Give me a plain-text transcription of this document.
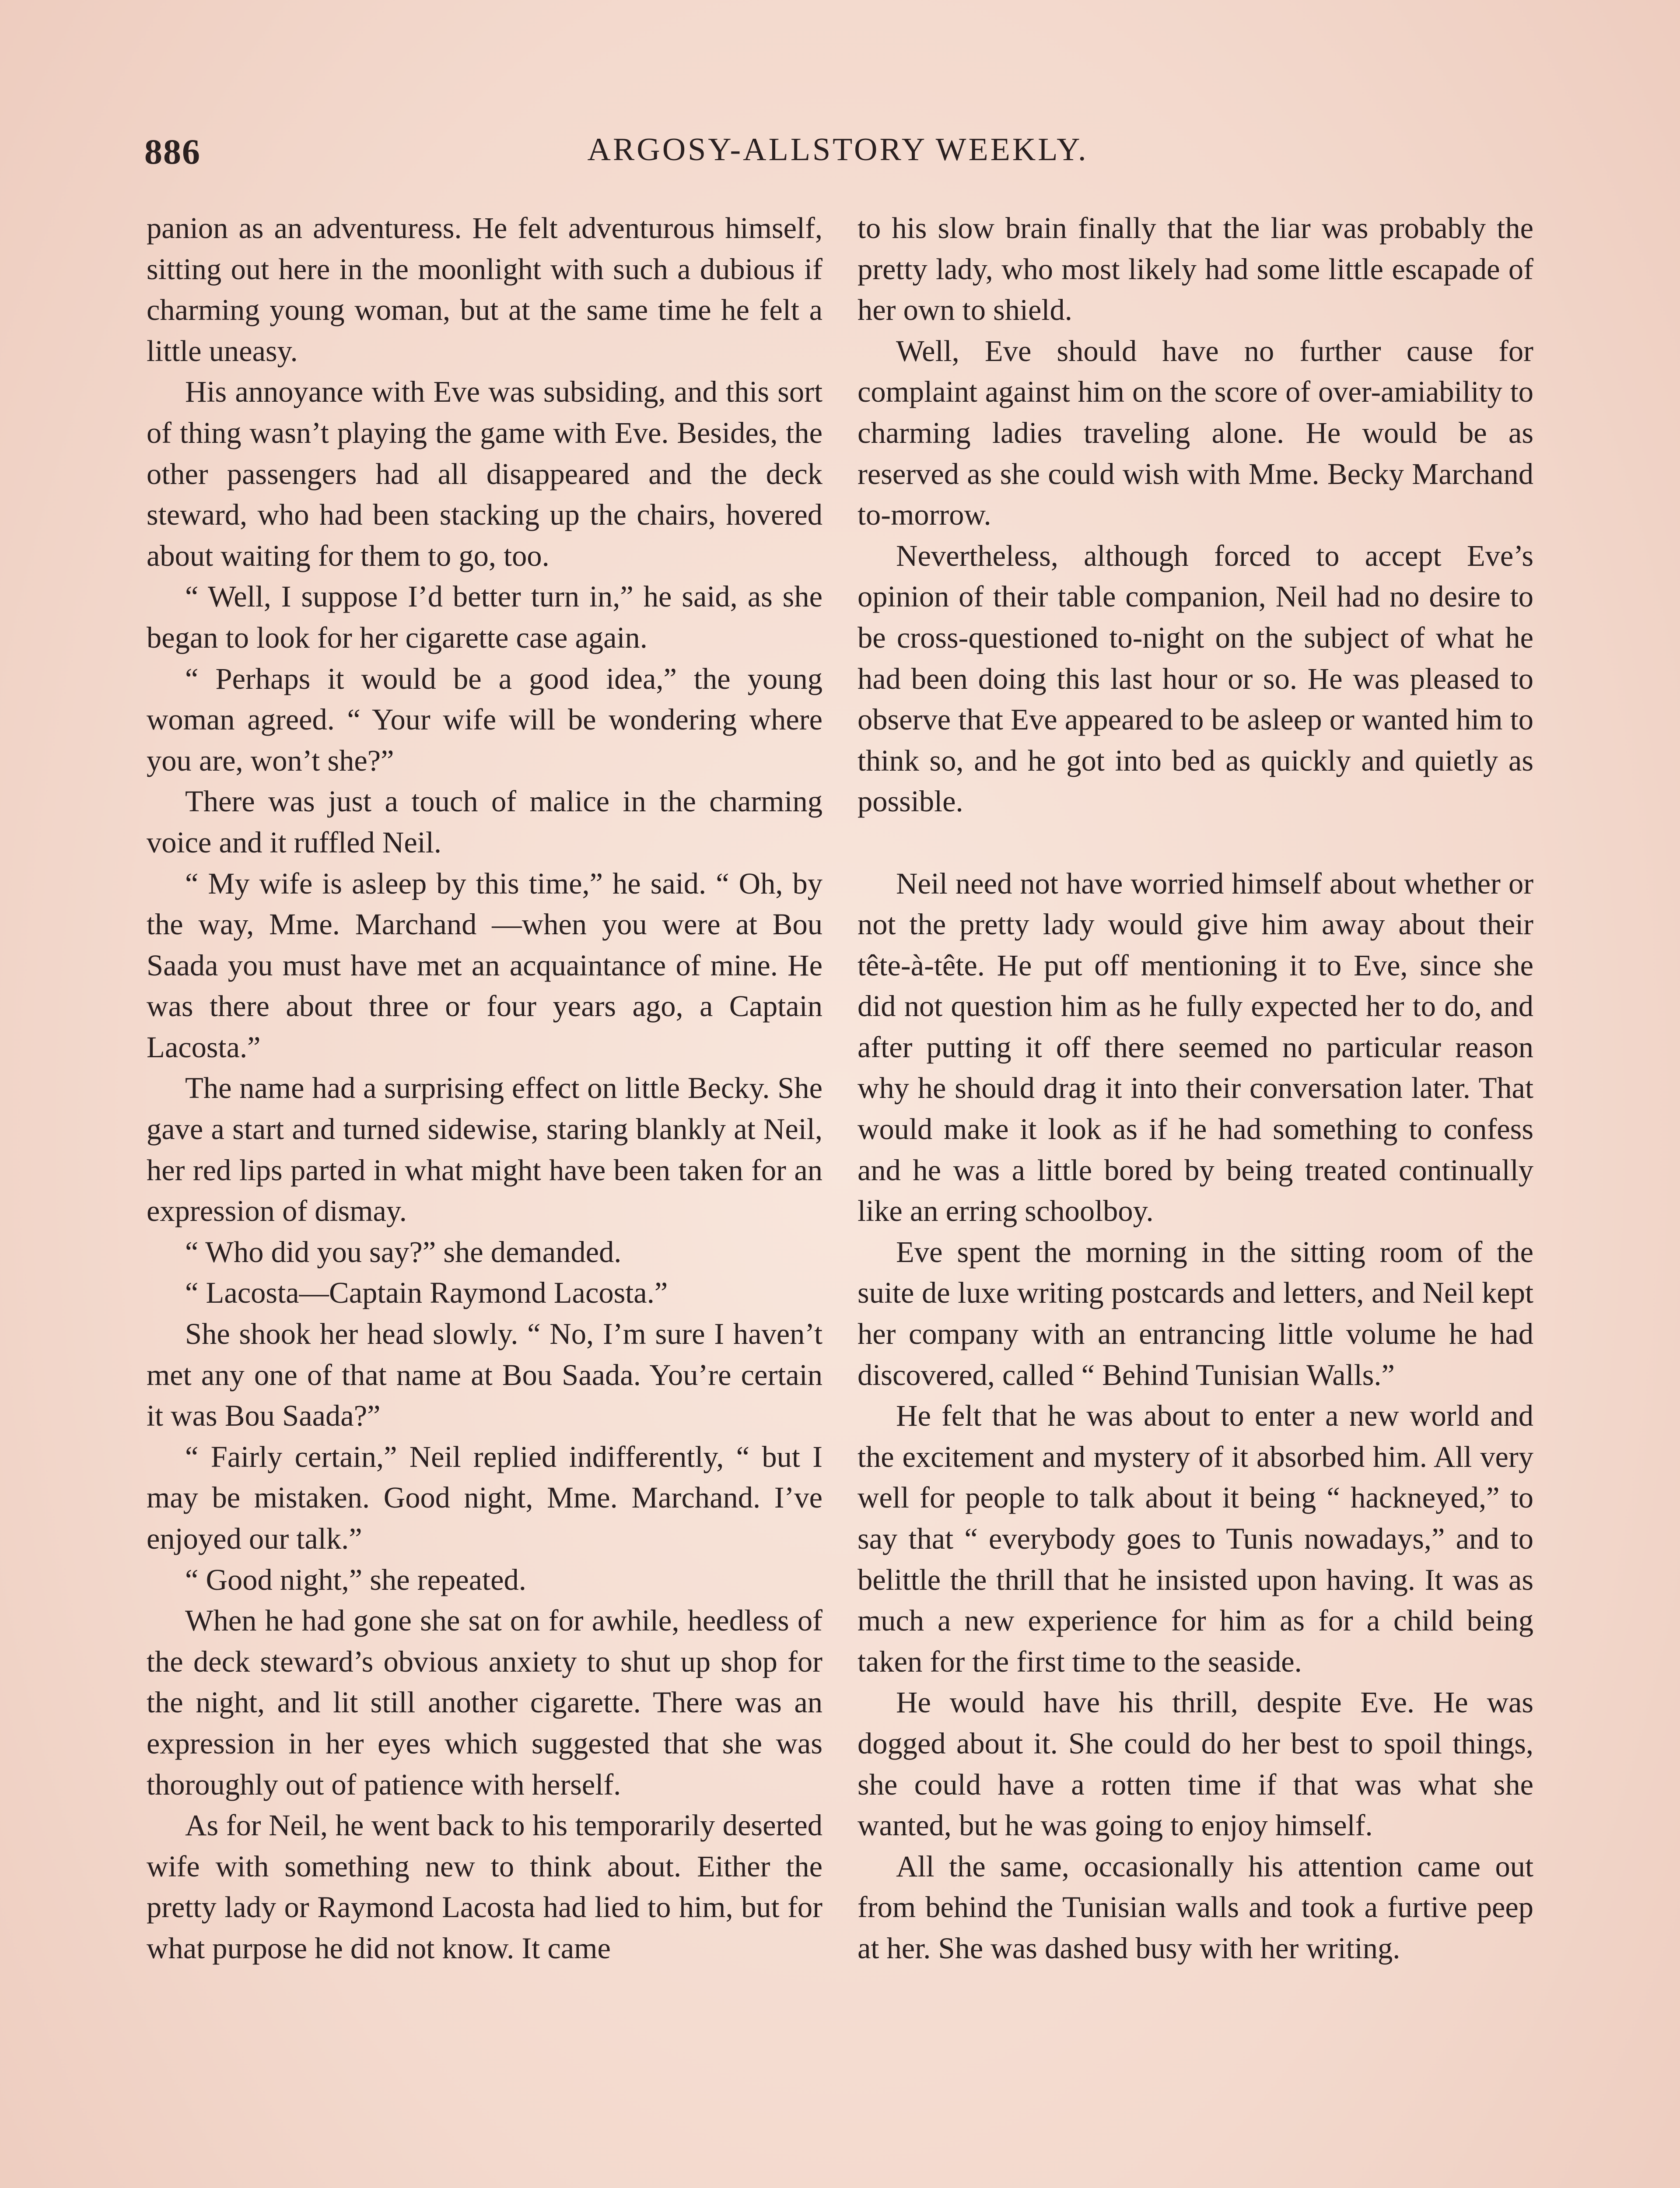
886	ARGOSY-ALLSTORY WEEKLY.

panion as an adventuress. He felt adventurous himself, sitting out here in the moonlight with such a dubious if charming young woman, but at the same time he felt a little uneasy.

His annoyance with Eve was subsiding, and this sort of thing wasn’t playing the game with Eve. Besides, the other passengers had all disappeared and the deck steward, who had been stacking up the chairs, hovered about waiting for them to go, too.

“ Well, I suppose I’d better turn in,” he said, as she began to look for her cigarette case again.

“ Perhaps it would be a good idea,” the young woman agreed. “ Your wife will be wondering where you are, won’t she?”

There was just a touch of malice in the charming voice and it ruffled Neil.

“ My wife is asleep by this time,” he said. “ Oh, by the way, Mme. Marchand —when you were at Bou Saada you must have met an acquaintance of mine. He was there about three or four years ago, a Captain Lacosta.”

The name had a surprising effect on little Becky. She gave a start and turned sidewise, staring blankly at Neil, her red lips parted in what might have been taken for an expression of dismay.

“ Who did you say?” she demanded.

“ Lacosta—Captain Raymond Lacosta.”

She shook her head slowly. “ No, I’m sure I haven’t met any one of that name at Bou Saada. You’re certain it was Bou Saada?”

“ Fairly certain,” Neil replied indifferently, “ but I may be mistaken. Good night, Mme. Marchand. I’ve enjoyed our talk.”

“ Good night,” she repeated.

When he had gone she sat on for awhile, heedless of the deck steward’s obvious anxiety to shut up shop for the night, and lit still another cigarette. There was an expression in her eyes which suggested that she was thoroughly out of patience with herself.

As for Neil, he went back to his temporarily deserted wife with something new to think about. Either the pretty lady or Raymond Lacosta had lied to him, but for what purpose he did not know. It came

to his slow brain finally that the liar was probably the pretty lady, who most likely had some little escapade of her own to shield.

Well, Eve should have no further cause for complaint against him on the score of over-amiability to charming ladies traveling alone. He would be as reserved as she could wish with Mme. Becky Marchand to-morrow.

Nevertheless, although forced to accept Eve’s opinion of their table companion, Neil had no desire to be cross-questioned to-night on the subject of what he had been doing this last hour or so. He was pleased to observe that Eve appeared to be asleep or wanted him to think so, and he got into bed as quickly and quietly as possible.

Neil need not have worried himself about whether or not the pretty lady would give him away about their tête-à-tête. He put off mentioning it to Eve, since she did not question him as he fully expected her to do, and after putting it off there seemed no particular reason why he should drag it into their conversation later. That would make it look as if he had something to confess and he was a little bored by being treated continually like an erring schoolboy.

Eve spent the morning in the sitting room of the suite de luxe writing postcards and letters, and Neil kept her company with an entrancing little volume he had discovered, called “ Behind Tunisian Walls.”

He felt that he was about to enter a new world and the excitement and mystery of it absorbed him. All very well for people to talk about it being “ hackneyed,” to say that “ everybody goes to Tunis nowadays,” and to belittle the thrill that he insisted upon having. It was as much a new experience for him as for a child being taken for the first time to the seaside.

He would have his thrill, despite Eve. He was dogged about it. She could do her best to spoil things, she could have a rotten time if that was what she wanted, but he was going to enjoy himself.

All the same, occasionally his attention came out from behind the Tunisian walls and took a furtive peep at her. She was dashed busy with her writing.
